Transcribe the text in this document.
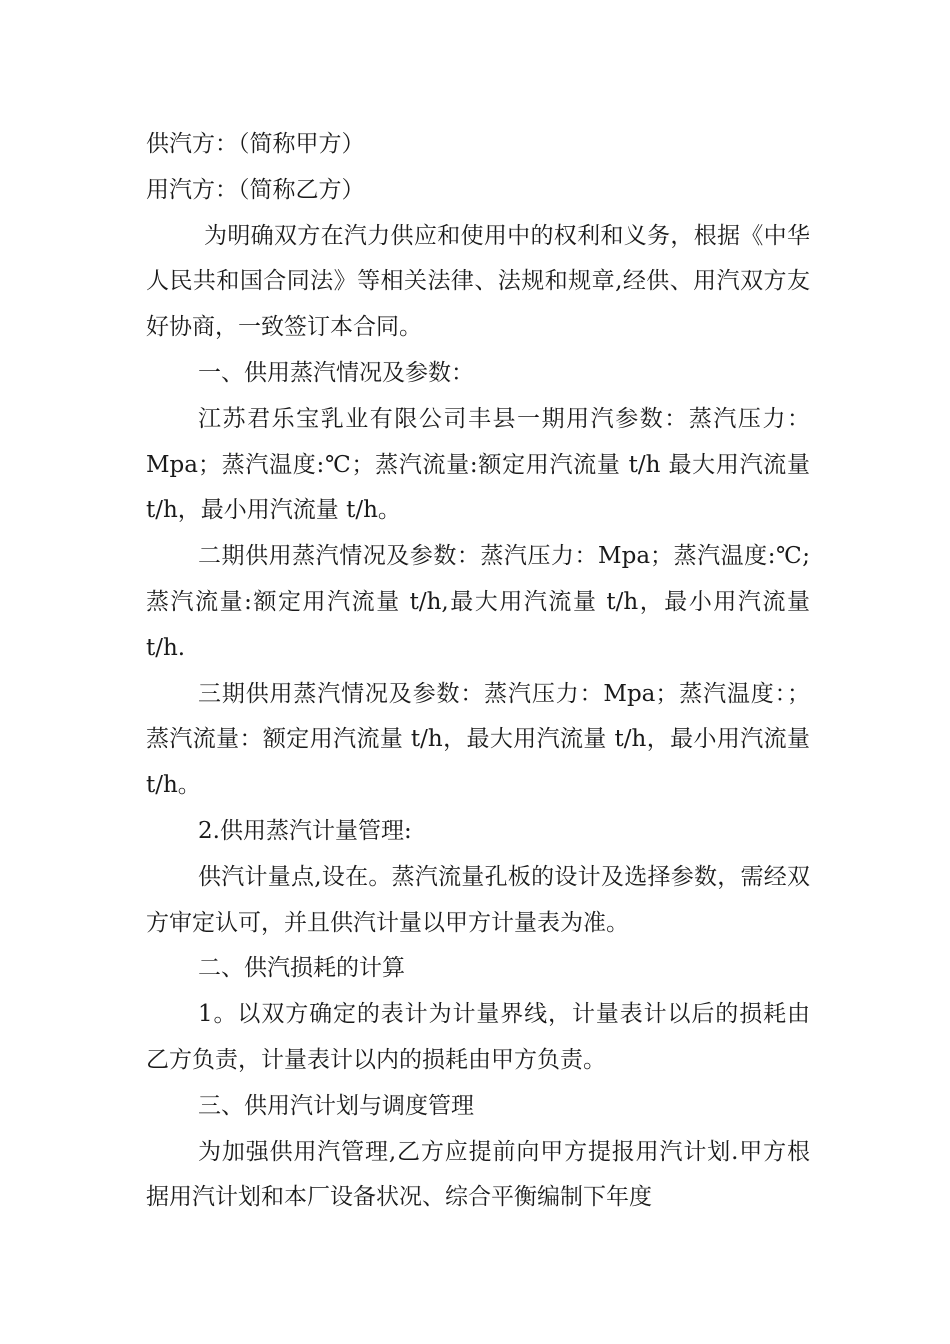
供汽方：（简称甲方）

用汽方：（简称乙方）

为明确双方在汽力供应和使用中的权利和义务，根据《中华人民共和国合同法》等相关法律、法规和规章,经供、用汽双方友好协商，一致签订本合同。

一、供用蒸汽情况及参数：

江苏君乐宝乳业有限公司丰县一期用汽参数：蒸汽压力：Mpa；蒸汽温度:℃；蒸汽流量:额定用汽流量 t/h 最大用汽流量 t/h，最小用汽流量 t/h。

二期供用蒸汽情况及参数：蒸汽压力：Mpa；蒸汽温度:℃;蒸汽流量:额定用汽流量 t/h,最大用汽流量 t/h，最小用汽流量 t/h.

三期供用蒸汽情况及参数：蒸汽压力：Mpa；蒸汽温度：；蒸汽流量：额定用汽流量 t/h，最大用汽流量 t/h，最小用汽流量 t/h。

2.供用蒸汽计量管理:

供汽计量点,设在。蒸汽流量孔板的设计及选择参数，需经双方审定认可，并且供汽计量以甲方计量表为准。

二、供汽损耗的计算

1。以双方确定的表计为计量界线，计量表计以后的损耗由乙方负责，计量表计以内的损耗由甲方负责。

三、供用汽计划与调度管理

为加强供用汽管理,乙方应提前向甲方提报用汽计划.甲方根据用汽计划和本厂设备状况、综合平衡编制下年度
